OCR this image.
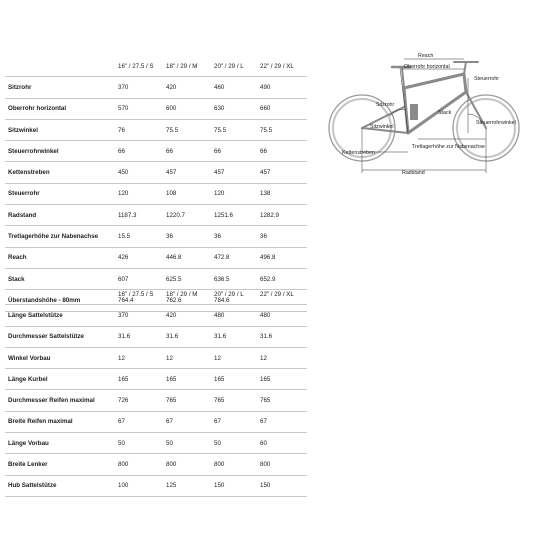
	16" / 27.5 / S	18" / 29 / M	20" / 29 / L	22" / 29 / XL
Sitzrohr	370	420	460	490
Oberrohr horizontal	570	600	630	660
Sitzwinkel	76	75.5	75.5	75.5
Steuerrohrwinkel	66	66	66	66
Kettenstreben	450	457	457	457
Steuerrohr	120	108	120	138
Radstand	1187.3	1220.7	1251.6	1282.9
Tretlagerhöhe zur Nabenachse	15.5	36	36	36
Reach	426	446.8	472.8	496.8
Stack	607	625.5	636.5	652.9
Überstandshöhe - 80mm	764.4	762.6	784.6	
	16" / 27.5 / S	18" / 29 / M	20" / 29 / L	22" / 29 / XL
Länge Sattelstütze	370	420	480	480
Durchmesser Sattelstütze	31.6	31.6	31.6	31.6
Winkel Vorbau	12	12	12	12
Länge Kurbel	165	165	165	165
Durchmesser Reifen maximal	726	765	765	765
Breite Reifen maximal	67	67	67	67
Länge Vorbau	50	50	50	60
Breite Lenker	800	800	800	800
Hub Sattelstütze	100	125	150	150
Reach
Oberrohr horizontal
Steuerrohr
Sitzrohr
Stack
Sitzwinkel
Steuerrohrwinkel
Kettenstreben
Tretlagerhöhe zur Nabenachse
Radstand
